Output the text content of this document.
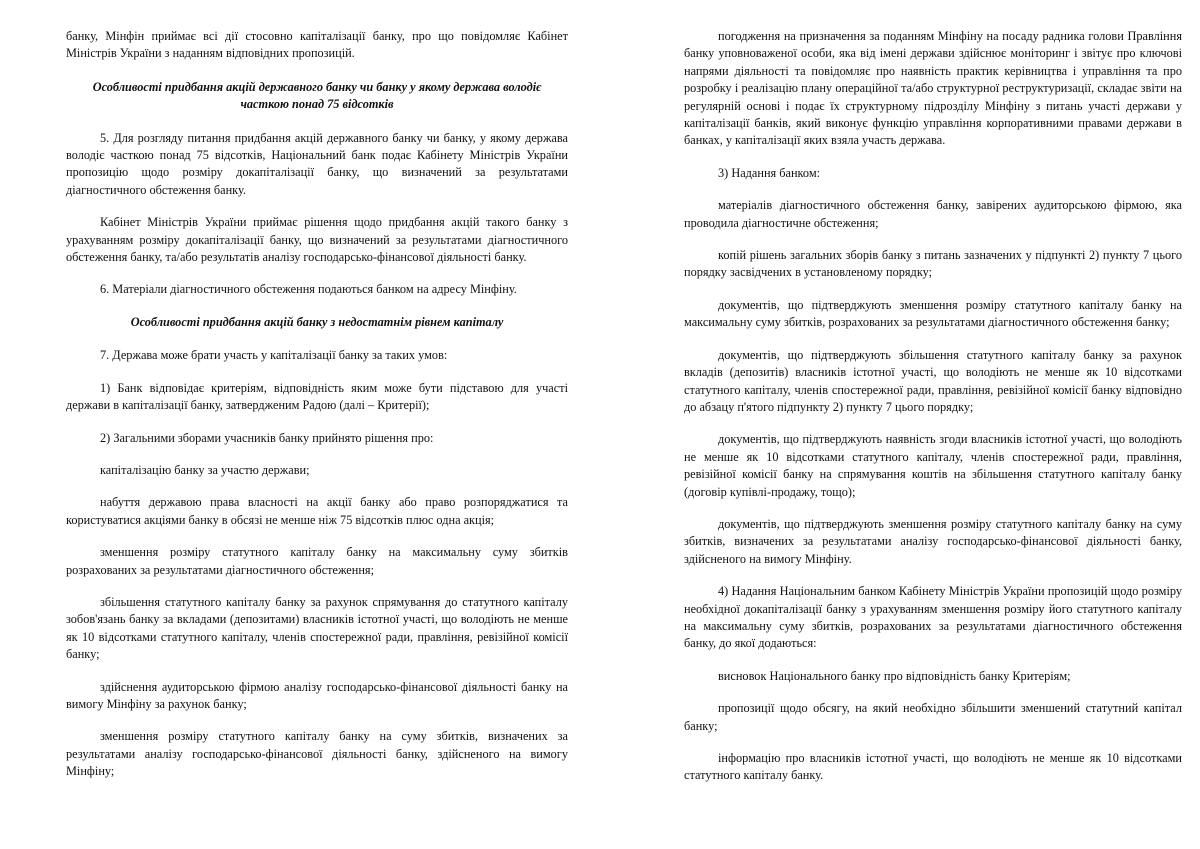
банку, Мінфін приймає всі дії стосовно капіталізації банку, про що повідомляє Кабінет Міністрів України з наданням відповідних пропозицій.

Особливості придбання акцій державного банку чи банку у якому держава володіє часткою понад 75 відсотків

5. Для розгляду питання придбання акцій державного банку чи банку, у якому держава володіє часткою понад 75 відсотків, Національний банк подає Кабінету Міністрів України пропозицію щодо розміру докапіталізації банку, що визначений за результатами діагностичного обстеження банку.

Кабінет Міністрів України приймає рішення щодо придбання акцій такого банку з урахуванням розміру докапіталізації банку, що визначений за результатами діагностичного обстеження банку, та/або результатів аналізу господарсько-фінансової діяльності банку.

6. Матеріали діагностичного обстеження подаються банком на адресу Мінфіну.

Особливості придбання акцій банку з недостатнім рівнем капіталу

7. Держава може брати участь у капіталізації банку за таких умов:

1) Банк відповідає критеріям, відповідність яким може бути підставою для участі держави в капіталізації банку, затвердженим Радою (далі – Критерії);

2) Загальними зборами учасників банку прийнято рішення про:

капіталізацію банку за участю держави;

набуття державою права власності на акції банку або право розпоряджатися та користуватися акціями банку в обсязі не менше ніж 75 відсотків плюс одна акція;

зменшення розміру статутного капіталу банку на максимальну суму збитків розрахованих за результатами діагностичного обстеження;

збільшення статутного капіталу банку за рахунок спрямування до статутного капіталу зобов'язань банку за вкладами (депозитами) власників істотної участі, що володіють не менше як 10 відсотками статутного капіталу, членів спостережної ради, правління, ревізійної комісії банку;

здійснення аудиторською фірмою аналізу господарсько-фінансової діяльності банку на вимогу Мінфіну за рахунок банку;

зменшення розміру статутного капіталу банку на суму збитків, визначених за результатами аналізу господарсько-фінансової діяльності банку, здійсненого на вимогу Мінфіну;

погодження на призначення за поданням Мінфіну на посаду радника голови Правління банку уповноваженої особи, яка від імені держави здійснює моніторинг і звітує про ключові напрями діяльності та повідомляє про наявність практик керівництва і управління та про розробку і реалізацію плану операційної та/або структурної реструктуризації, складає звіти на регулярній основі і подає їх структурному підрозділу Мінфіну з питань участі держави у капіталізації банків, який виконує функцію управління корпоративними правами держави в банках, у капіталізації яких взяла участь держава.

3) Надання банком:

матеріалів діагностичного обстеження банку, завірених аудиторською фірмою, яка проводила діагностичне обстеження;

копій рішень загальних зборів банку з питань зазначених у підпункті 2) пункту 7 цього порядку засвідчених в установленому порядку;

документів, що підтверджують зменшення розміру статутного капіталу банку на максимальну суму збитків, розрахованих за результатами діагностичного обстеження банку;

документів, що підтверджують збільшення статутного капіталу банку за рахунок вкладів (депозитів) власників істотної участі, що володіють не менше як 10 відсотками статутного капіталу, членів спостережної ради, правління, ревізійної комісії банку відповідно до абзацу п'ятого підпункту 2) пункту 7 цього порядку;

документів, що підтверджують наявність згоди власників істотної участі, що володіють не менше як 10 відсотками статутного капіталу, членів спостережної ради, правління, ревізійної комісії банку на спрямування коштів на збільшення статутного капіталу банку (договір купівлі-продажу, тощо);

документів, що підтверджують зменшення розміру статутного капіталу банку на суму збитків, визначених за результатами аналізу господарсько-фінансової діяльності банку, здійсненого на вимогу Мінфіну.

4) Надання Національним банком Кабінету Міністрів України пропозицій щодо розміру необхідної докапіталізації банку з урахуванням зменшення розміру його статутного капіталу на максимальну суму збитків, розрахованих за результатами діагностичного обстеження банку, до якої додаються:

висновок Національного банку про відповідність банку Критеріям;

пропозиції щодо обсягу, на який необхідно збільшити зменшений статутний капітал банку;

інформацію про власників істотної участі, що володіють не менше як 10 відсотками статутного капіталу банку.
